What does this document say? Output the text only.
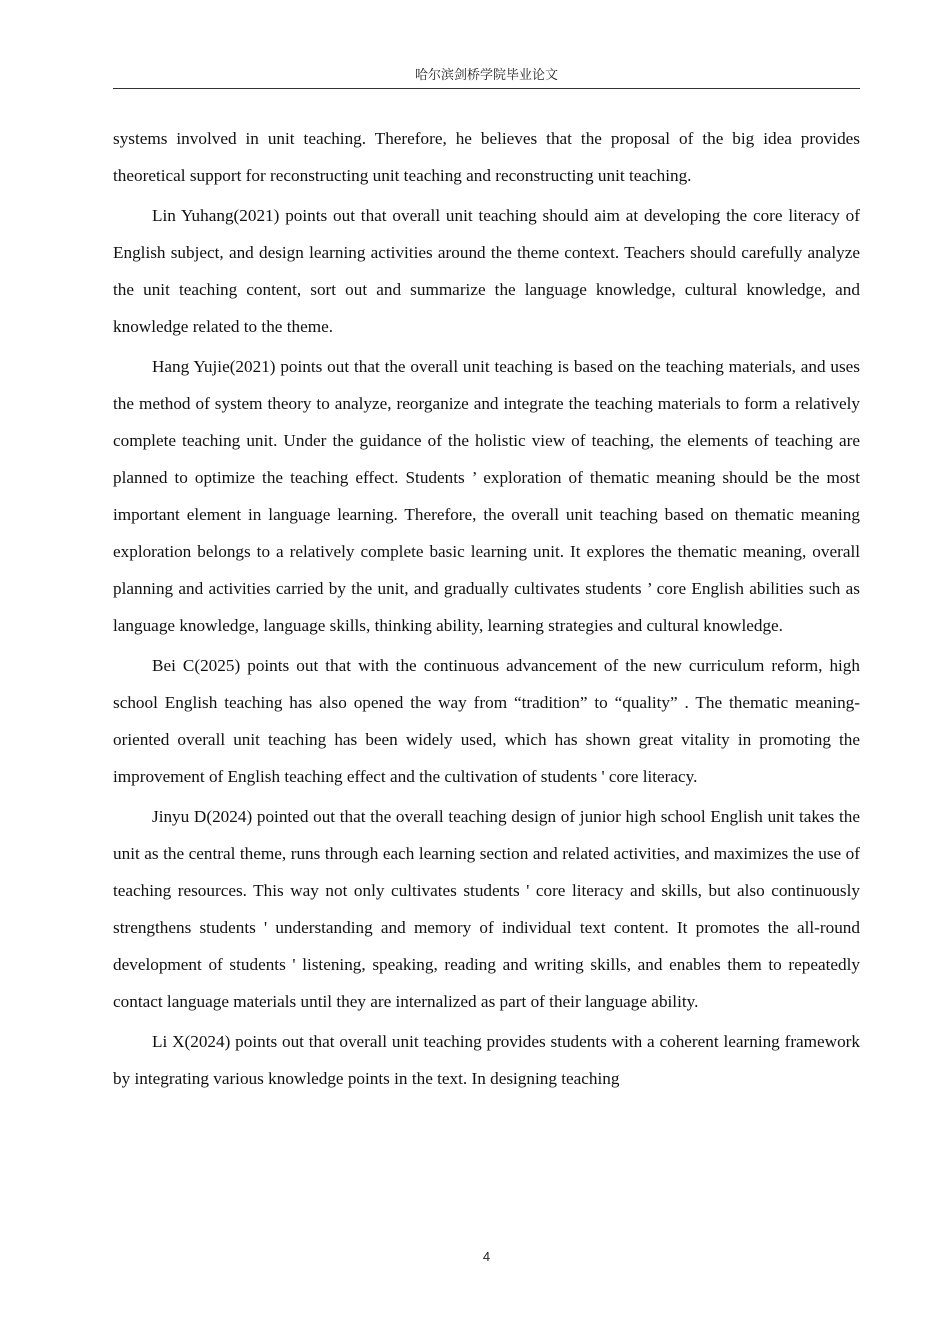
哈尔滨剑桥学院毕业论文

systems involved in unit teaching. Therefore, he believes that the proposal of the big idea provides theoretical support for reconstructing unit teaching and reconstructing unit teaching.

Lin Yuhang(2021) points out that overall unit teaching should aim at developing the core literacy of English subject, and design learning activities around the theme context. Teachers should carefully analyze the unit teaching content, sort out and summarize the language knowledge, cultural knowledge, and knowledge related to the theme.

Hang Yujie(2021) points out that the overall unit teaching is based on the teaching materials, and uses the method of system theory to analyze, reorganize and integrate the teaching materials to form a relatively complete teaching unit. Under the guidance of the holistic view of teaching, the elements of teaching are planned to optimize the teaching effect. Students ’ exploration of thematic meaning should be the most important element in language learning. Therefore, the overall unit teaching based on thematic meaning exploration belongs to a relatively complete basic learning unit. It explores the thematic meaning, overall planning and activities carried by the unit, and gradually cultivates students ’ core English abilities such as language knowledge, language skills, thinking ability, learning strategies and cultural knowledge.

Bei C(2025) points out that with the continuous advancement of the new curriculum reform, high school English teaching has also opened the way from “tradition” to “quality” . The thematic meaning-oriented overall unit teaching has been widely used, which has shown great vitality in promoting the improvement of English teaching effect and the cultivation of students ' core literacy.

Jinyu D(2024) pointed out that the overall teaching design of junior high school English unit takes the unit as the central theme, runs through each learning section and related activities, and maximizes the use of teaching resources. This way not only cultivates students ' core literacy and skills, but also continuously strengthens students ' understanding and memory of individual text content. It promotes the all-round development of students ' listening, speaking, reading and writing skills, and enables them to repeatedly contact language materials until they are internalized as part of their language ability.

Li X(2024) points out that overall unit teaching provides students with a coherent learning framework by integrating various knowledge points in the text. In designing teaching

4
